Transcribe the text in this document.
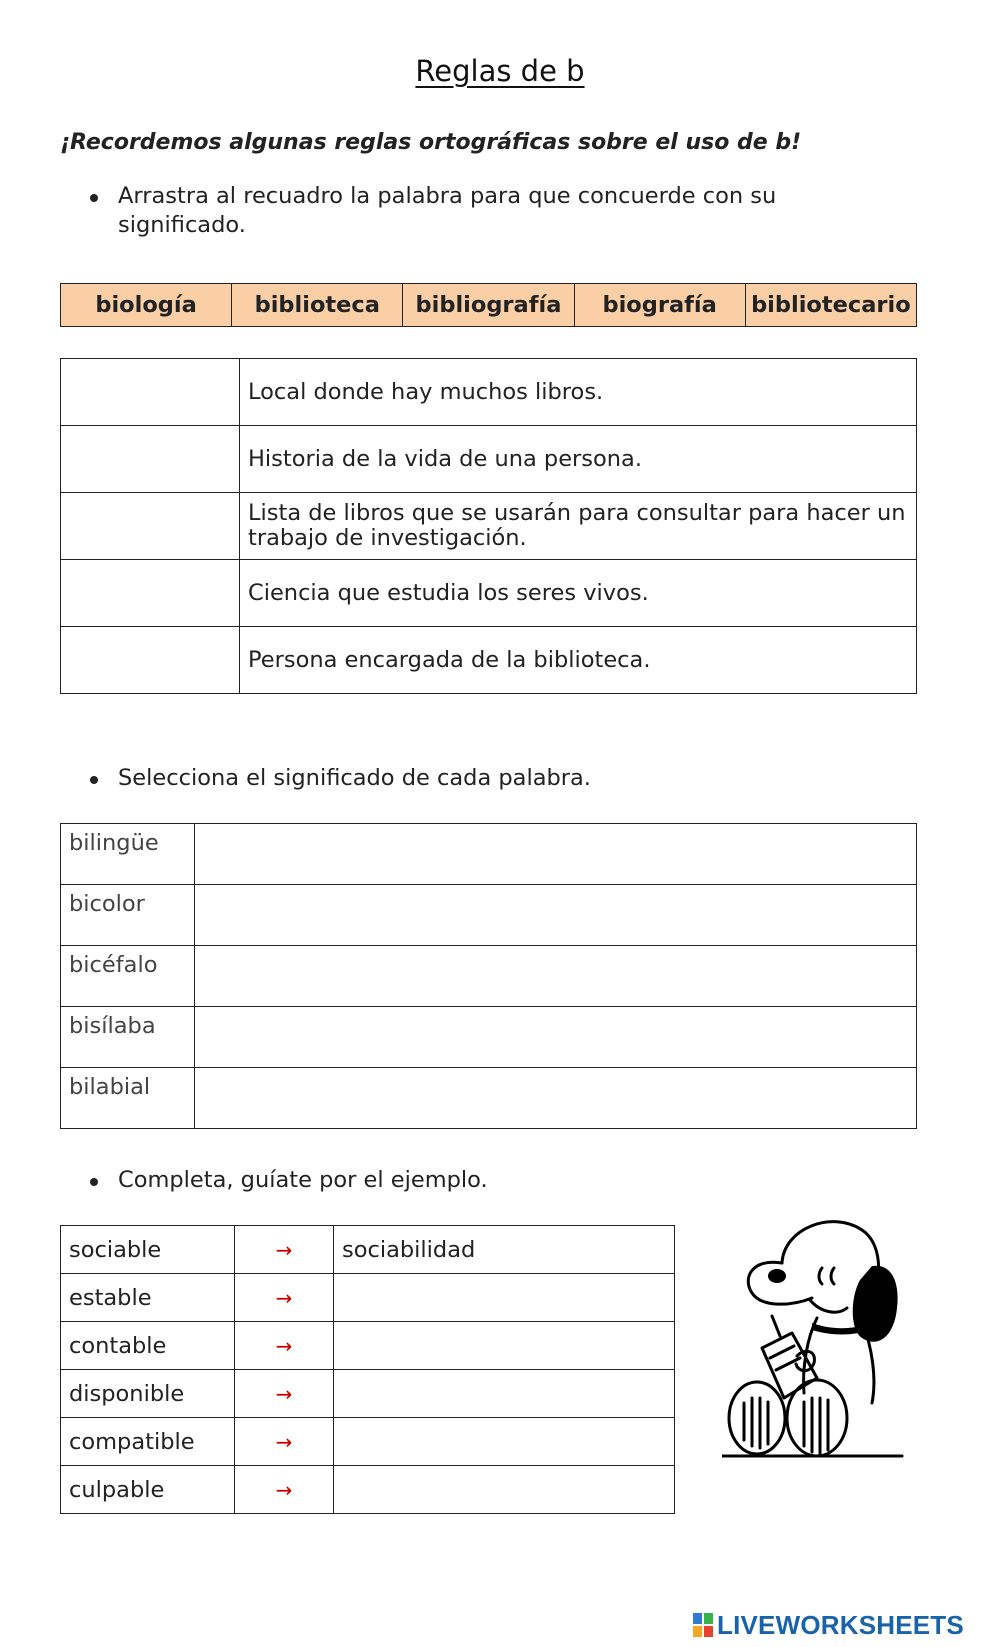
Reglas de b
¡Recordemos algunas reglas ortográficas sobre el uso de b!
Arrastra al recuadro la palabra para que concuerde con su significado.
biología	biblioteca	bibliografía	biografía	bibliotecario
	Local donde hay muchos libros.
	Historia de la vida de una persona.
	Lista de libros que se usarán para consultar para hacer un trabajo de investigación.
	Ciencia que estudia los seres vivos.
	Persona encargada de la biblioteca.
Selecciona el significado de cada palabra.
bilingüe	
bicolor	
bicéfalo	
bisílaba	
bilabial	
Completa, guíate por el ejemplo.
sociable	→	sociabilidad
estable	→	
contable	→	
disponible	→	
compatible	→	
culpable	→	
LIVEWORKSHEETS
